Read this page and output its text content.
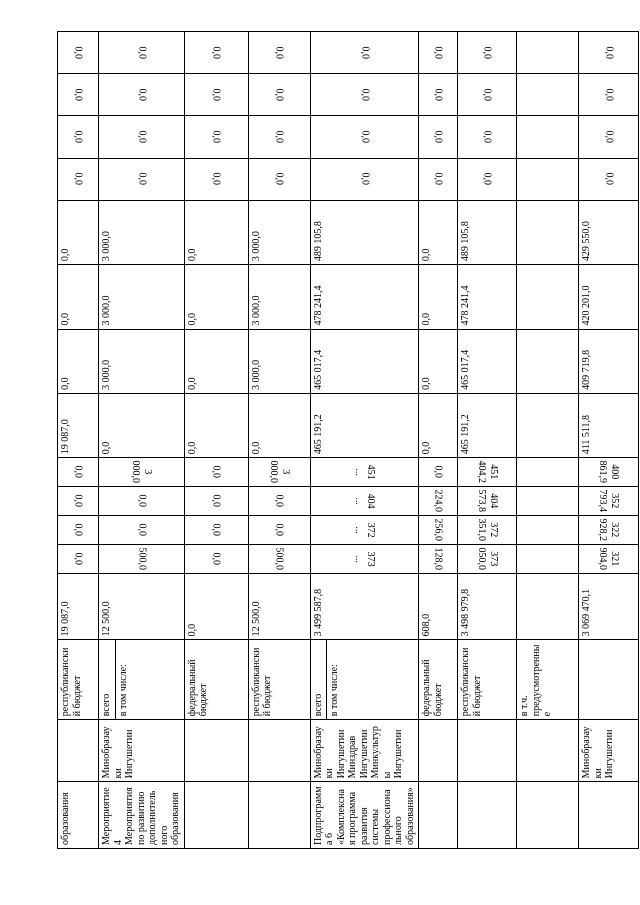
образования		республиканский бюджет	19 087,0	0,0	0,0	0,0	0,0	19 087,0	0,0	0,0	0,0	0,0	0,0	0,0	0,0
Мероприятие 4 Мероприятия по развитию дополнительного образования	Минобразауки Ингушетии	всего в том числе:	12 500,0	500,0	0,0	0,0	3 000,0	0,0	3 000,0	3 000,0	3 000,0	0,0	0,0	0,0	0,0
		федеральный бюджет	0,0	0,0	0,0	0,0	0,0	0,0	0,0	0,0	0,0	0,0	0,0	0,0	0,0
		республиканский бюджет	12 500,0	500,0	0,0	0,0	3 000,0	0,0	3 000,0	3 000,0	3 000,0	0,0	0,0	0,0	0,0
Подпрограмма 6 «Комплексная программа развития системы профессионального образования»	Минобразауки Ингушетии Минздрав Ингушетии Минкультуры Ингушетии	всего в том числе:	3 499 587,8	373 ...	372 ...	404 ...	451 ...	465 191,2	465 017,4	478 241,4	489 105,8	0,0	0,0	0,0	0,0
		федеральный бюджет	608,0	128,0	256,0	224,0	0,0	0,0	0,0	0,0	0,0	0,0	0,0	0,0	0,0
		республиканский бюджет	3 498 979,8	373 050,0	372 351,0	404 573,8	451 404,2	465 191,2	465 017,4	478 241,4	489 105,8	0,0	0,0	0,0	0,0
		в т.ч. предусмотренные													
	Минобразауки Ингушетии		3 069 470,1	321 904,0	322 928,2	352 793,4	400 861,9	411 511,8	409 719,8	420 201,0	429 550,0	0,0	0,0	0,0	0,0
